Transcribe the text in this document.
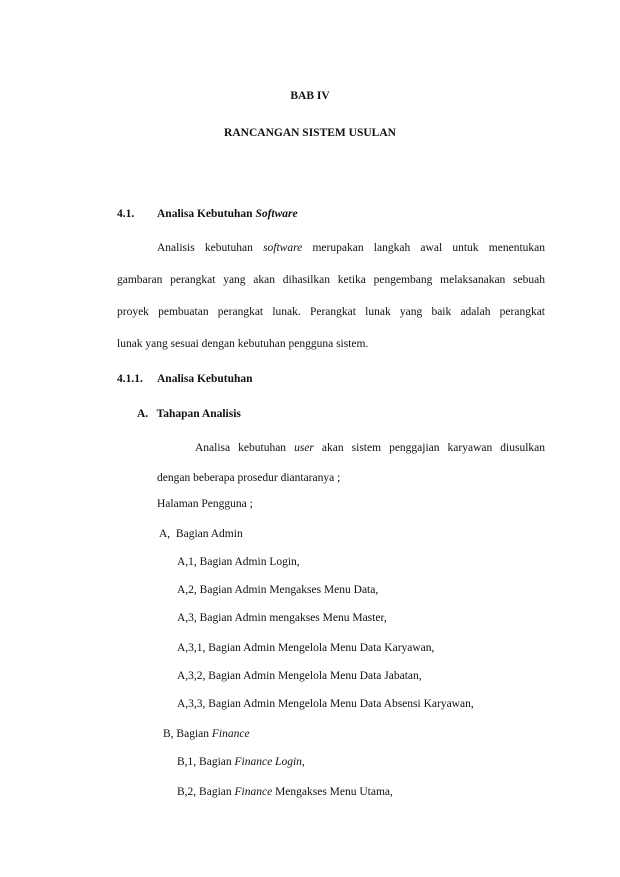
BAB IV
RANCANGAN SISTEM USULAN
4.1. Analisa Kebutuhan Software
Analisis kebutuhan software merupakan langkah awal untuk menentukan
gambaran perangkat yang akan dihasilkan ketika pengembang melaksanakan sebuah
proyek pembuatan perangkat lunak. Perangkat lunak yang baik adalah perangkat
lunak yang sesuai dengan kebutuhan pengguna sistem.
4.1.1. Analisa Kebutuhan
A.   Tahapan Analisis
Analisa kebutuhan user akan sistem penggajian karyawan diusulkan
dengan beberapa prosedur diantaranya ;
Halaman Pengguna ;
A,  Bagian Admin
A,1, Bagian Admin Login,
A,2, Bagian Admin Mengakses Menu Data,
A,3, Bagian Admin mengakses Menu Master,
A,3,1, Bagian Admin Mengelola Menu Data Karyawan,
A,3,2, Bagian Admin Mengelola Menu Data Jabatan,
A,3,3, Bagian Admin Mengelola Menu Data Absensi Karyawan,
B, Bagian Finance
B,1, Bagian Finance Login,
B,2, Bagian Finance Mengakses Menu Utama,
